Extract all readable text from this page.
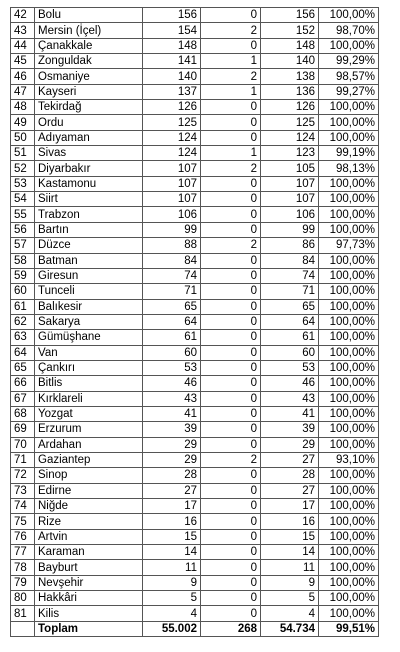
42	Bolu	156	0	156	100,00%
43	Mersin (İçel)	154	2	152	98,70%
44	Çanakkale	148	0	148	100,00%
45	Zonguldak	141	1	140	99,29%
46	Osmaniye	140	2	138	98,57%
47	Kayseri	137	1	136	99,27%
48	Tekirdağ	126	0	126	100,00%
49	Ordu	125	0	125	100,00%
50	Adıyaman	124	0	124	100,00%
51	Sivas	124	1	123	99,19%
52	Diyarbakır	107	2	105	98,13%
53	Kastamonu	107	0	107	100,00%
54	Siirt	107	0	107	100,00%
55	Trabzon	106	0	106	100,00%
56	Bartın	99	0	99	100,00%
57	Düzce	88	2	86	97,73%
58	Batman	84	0	84	100,00%
59	Giresun	74	0	74	100,00%
60	Tunceli	71	0	71	100,00%
61	Balıkesir	65	0	65	100,00%
62	Sakarya	64	0	64	100,00%
63	Gümüşhane	61	0	61	100,00%
64	Van	60	0	60	100,00%
65	Çankırı	53	0	53	100,00%
66	Bitlis	46	0	46	100,00%
67	Kırklareli	43	0	43	100,00%
68	Yozgat	41	0	41	100,00%
69	Erzurum	39	0	39	100,00%
70	Ardahan	29	0	29	100,00%
71	Gaziantep	29	2	27	93,10%
72	Sinop	28	0	28	100,00%
73	Edirne	27	0	27	100,00%
74	Niğde	17	0	17	100,00%
75	Rize	16	0	16	100,00%
76	Artvin	15	0	15	100,00%
77	Karaman	14	0	14	100,00%
78	Bayburt	11	0	11	100,00%
79	Nevşehir	9	0	9	100,00%
80	Hakkâri	5	0	5	100,00%
81	Kilis	4	0	4	100,00%
	Toplam	55.002	268	54.734	99,51%
